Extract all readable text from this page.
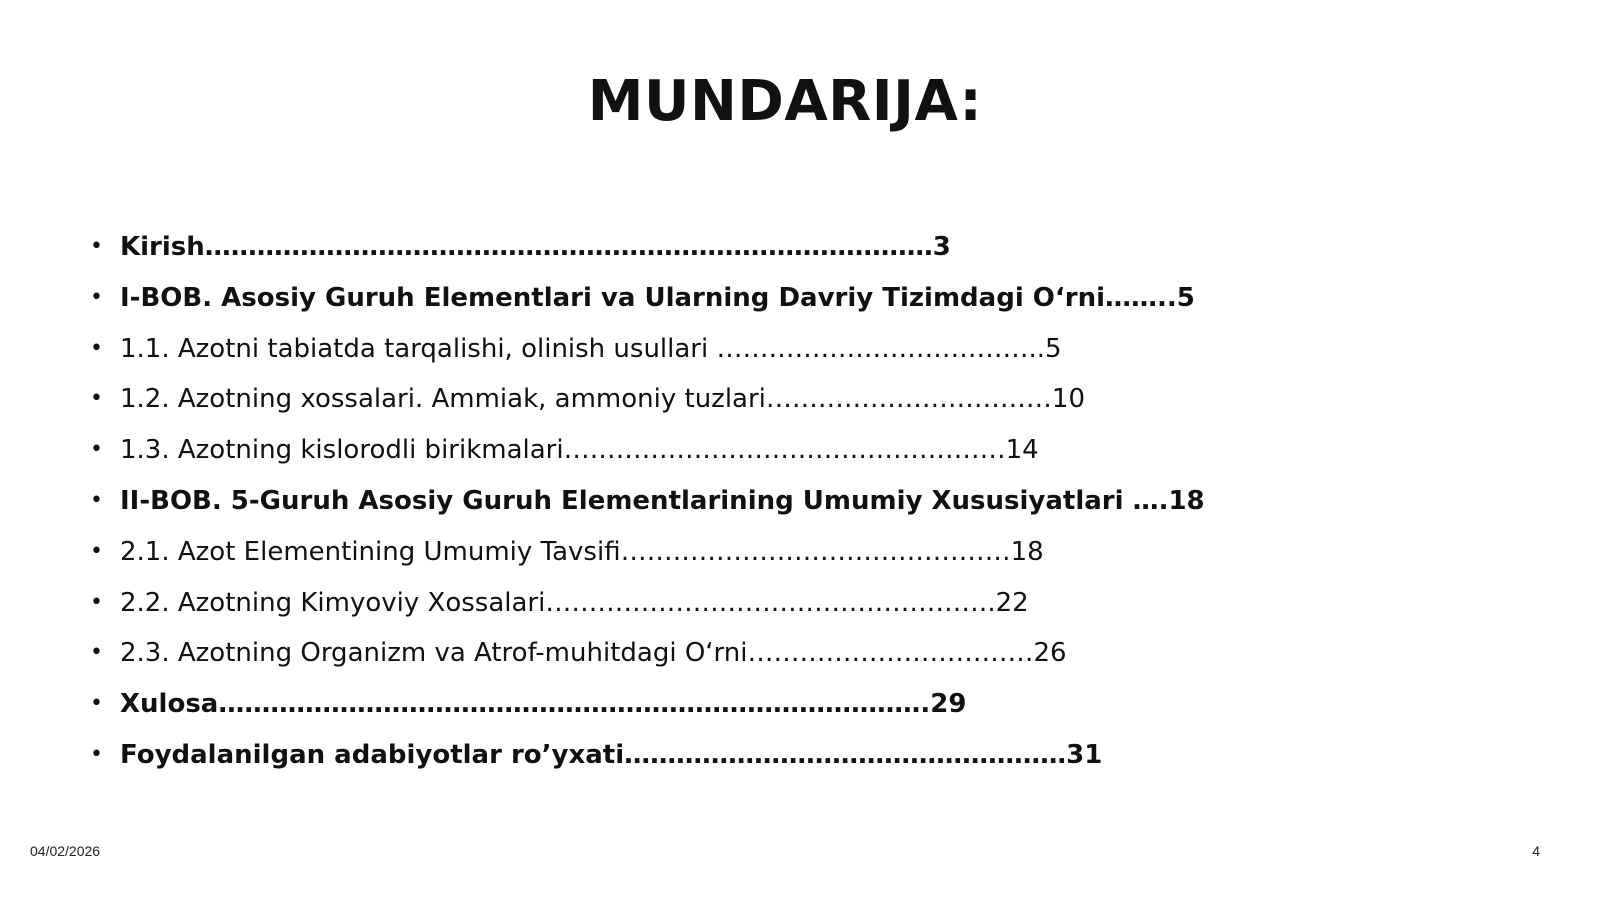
MUNDARIJA:
• Kirish…………………………………………………………………………3
• I-BOB. Asosiy Guruh Elementlari va Ularning Davriy Tizimdagi O‘rni……..5
• 1.1. Azotni tabiatda tarqalishi, olinish usullari ………………………………..5
• 1.2. Azotning xossalari. Ammiak, ammoniy tuzlari……………………………10
• 1.3. Azotning kislorodli birikmalari……………………………………………14
• II-BOB. 5-Guruh Asosiy Guruh Elementlarining Umumiy Xususiyatlari ….18
• 2.1. Azot Elementining Umumiy Tavsifi………………………………………18
• 2.2. Azotning Kimyoviy Xossalari…………………………………………….22
• 2.3. Azotning Organizm va Atrof-muhitdagi O‘rni……………………………26
• Xulosa……………………………………………………………………….29
• Foydalanilgan adabiyotlar ro’yxati……………………………………………31
04/02/2026	4
